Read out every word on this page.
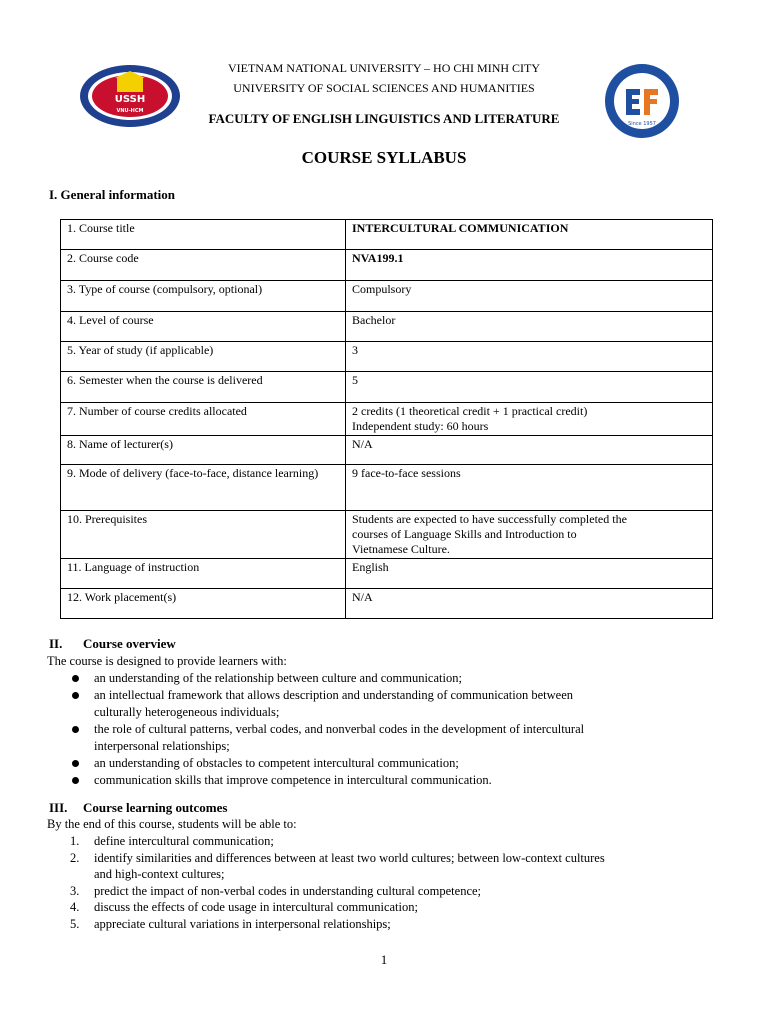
USSH
VNU-HCM
Since 1957
VIETNAM NATIONAL UNIVERSITY – HO CHI MINH CITY
UNIVERSITY OF SOCIAL SCIENCES AND HUMANITIES
FACULTY OF ENGLISH LINGUISTICS AND LITERATURE
COURSE SYLLABUS
I. General information
1. Course title	INTERCULTURAL COMMUNICATION

2. Course code	NVA199.1

3. Type of course (compulsory, optional)	Compulsory

4. Level of course	Bachelor

5. Year of study (if applicable)	3

6. Semester when the course is delivered	5

7. Number of course credits allocated	2 credits (1 theoretical credit + 1 practical credit)
Independent study: 60 hours

8. Name of lecturer(s)	N/A

9. Mode of delivery (face-to-face, distance learning)	9 face-to-face sessions

10. Prerequisites	Students are expected to have successfully completed the
courses of Language Skills and Introduction to
Vietnamese Culture.

11. Language of instruction	English

12. Work placement(s)	N/A
II. Course overview
The course is designed to provide learners with:
an understanding of the relationship between culture and communication;
an intellectual framework that allows description and understanding of communication between
culturally heterogeneous individuals;
the role of cultural patterns, verbal codes, and nonverbal codes in the development of intercultural
interpersonal relationships;
an understanding of obstacles to competent intercultural communication;
communication skills that improve competence in intercultural communication.
III. Course learning outcomes
By the end of this course, students will be able to:
1. define intercultural communication;
2. identify similarities and differences between at least two world cultures; between low-context cultures
and high-context cultures;
3. predict the impact of non-verbal codes in understanding cultural competence;
4. discuss the effects of code usage in intercultural communication;
5. appreciate cultural variations in interpersonal relationships;
1
